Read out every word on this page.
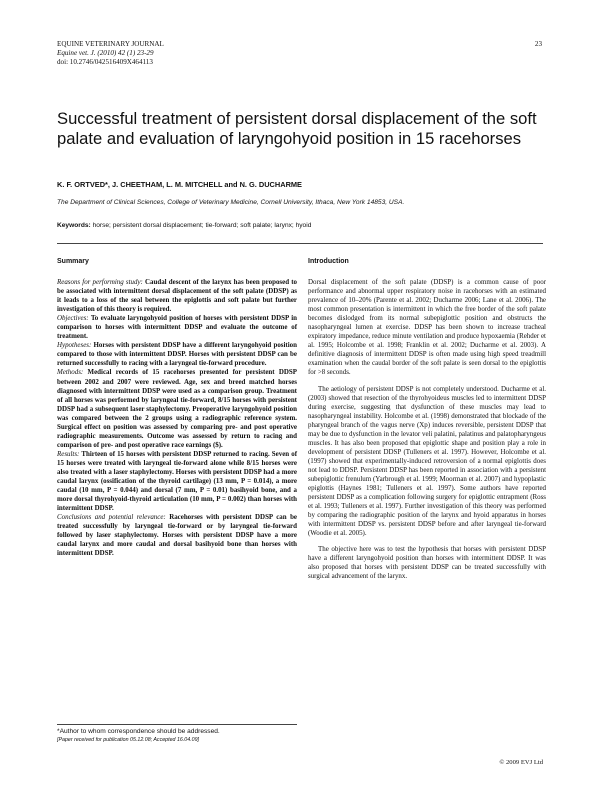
EQUINE VETERINARY JOURNAL
Equine vet. J. (2010) 42 (1) 23-29
doi: 10.2746/042516409X464113
23
Successful treatment of persistent dorsal displacement of the soft palate and evaluation of laryngohyoid position in 15 racehorses
K. F. ORTVED*, J. CHEETHAM, L. M. MITCHELL and N. G. DUCHARME
The Department of Clinical Sciences, College of Veterinary Medicine, Cornell University, Ithaca, New York 14853, USA.
Keywords: horse; persistent dorsal displacement; tie-forward; soft palate; larynx; hyoid
Summary

Reasons for performing study: Caudal descent of the larynx has been proposed to be associated with intermittent dorsal displacement of the soft palate (DDSP) as it leads to a loss of the seal between the epiglottis and soft palate but further investigation of this theory is required.

Objectives: To evaluate laryngohyoid position of horses with persistent DDSP in comparison to horses with intermittent DDSP and evaluate the outcome of treatment.

Hypotheses: Horses with persistent DDSP have a different laryngohyoid position compared to those with intermittent DDSP. Horses with persistent DDSP can be returned successfully to racing with a laryngeal tie-forward procedure.

Methods: Medical records of 15 racehorses presented for persistent DDSP between 2002 and 2007 were reviewed. Age, sex and breed matched horses diagnosed with intermittent DDSP were used as a comparison group. Treatment of all horses was performed by laryngeal tie-forward, 8/15 horses with persistent DDSP had a subsequent laser staphylectomy. Preoperative laryngohyoid position was compared between the 2 groups using a radiographic reference system. Surgical effect on position was assessed by comparing pre- and post operative radiographic measurements. Outcome was assessed by return to racing and comparison of pre- and post operative race earnings ($).

Results: Thirteen of 15 horses with persistent DDSP returned to racing. Seven of 15 horses were treated with laryngeal tie-forward alone while 8/15 horses were also treated with a laser staphylectomy. Horses with persistent DDSP had a more caudal larynx (ossification of the thyroid cartilage) (13 mm, P = 0.014), a more caudal (10 mm, P = 0.044) and dorsal (7 mm, P = 0.01) basihyoid bone, and a more dorsal thyrohyoid-thyroid articulation (10 mm, P = 0.002) than horses with intermittent DDSP.

Conclusions and potential relevance: Racehorses with persistent DDSP can be treated successfully by laryngeal tie-forward or by laryngeal tie-forward followed by laser staphylectomy. Horses with persistent DDSP have a more caudal larynx and more caudal and dorsal basihyoid bone than horses with intermittent DDSP.

Introduction

Dorsal displacement of the soft palate (DDSP) is a common cause of poor performance and abnormal upper respiratory noise in racehorses with an estimated prevalence of 10–20% (Parente et al. 2002; Ducharme 2006; Lane et al. 2006). The most common presentation is intermittent in which the free border of the soft palate becomes dislodged from its normal subepiglottic position and obstructs the nasopharyngeal lumen at exercise. DDSP has been shown to increase tracheal expiratory impedance, reduce minute ventilation and produce hypoxaemia (Rehder et al. 1995; Holcombe et al. 1998; Franklin et al. 2002; Ducharme et al. 2003). A definitive diagnosis of intermittent DDSP is often made using high speed treadmill examination when the caudal border of the soft palate is seen dorsal to the epiglottis for >8 seconds.

The aetiology of persistent DDSP is not completely understood. Ducharme et al. (2003) showed that resection of the thyrohyoideus muscles led to intermittent DDSP during exercise, suggesting that dysfunction of these muscles may lead to nasopharyngeal instability. Holcombe et al. (1998) demonstrated that blockade of the pharyngeal branch of the vagus nerve (Xp) induces reversible, persistent DDSP that may be due to dysfunction in the levator veli palatini, palatinus and palatopharyngeus muscles. It has also been proposed that epiglottic shape and position play a role in development of persistent DDSP (Tulleners et al. 1997). However, Holcombe et al. (1997) showed that experimentally-induced retroversion of a normal epiglottis does not lead to DDSP. Persistent DDSP has been reported in association with a persistent subepiglottic frenulum (Yarbrough et al. 1999; Moorman et al. 2007) and hypoplastic epiglottis (Haynes 1981; Tulleners et al. 1997). Some authors have reported persistent DDSP as a complication following surgery for epiglottic entrapment (Ross et al. 1993; Tulleners et al. 1997). Further investigation of this theory was performed by comparing the radiographic position of the larynx and hyoid apparatus in horses with intermittent DDSP vs. persistent DDSP before and after laryngeal tie-forward (Woodie et al. 2005).

The objective here was to test the hypothesis that horses with persistent DDSP have a different laryngohyoid position than horses with intermittent DDSP. It was also proposed that horses with persistent DDSP can be treated successfully with surgical advancement of the larynx.

*Author to whom correspondence should be addressed.
[Paper received for publication 05.12.08; Accepted 16.04.09]
© 2009 EVJ Ltd
